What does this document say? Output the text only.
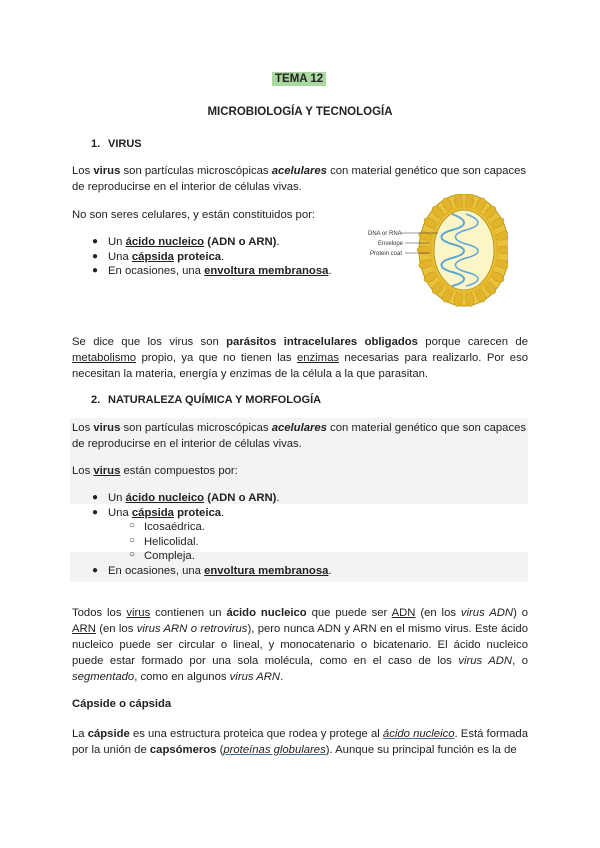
TEMA 12
MICROBIOLOGÍA Y TECNOLOGÍA
1. VIRUS
Los virus son partículas microscópicas acelulares con material genético que son capaces de reproducirse en el interior de células vivas.
No son seres celulares, y están constituidos por:
● Un ácido nucleico (ADN o ARN).
● Una cápsida proteica.
● En ocasiones, una envoltura membranosa.
DNA or RNA
Envelope
Protein coat
Se dice que los virus son parásitos intracelulares obligados porque carecen de metabolismo propio, ya que no tienen las enzimas necesarias para realizarlo. Por eso necesitan la materia, energía y enzimas de la célula a la que parasitan.
2. NATURALEZA QUÍMICA Y MORFOLOGÍA
Los virus son partículas microscópicas acelulares con material genético que son capaces de reproducirse en el interior de células vivas.
Los virus están compuestos por:
● Un ácido nucleico (ADN o ARN).
● Una cápsida proteica.
○ Icosaédrica.
○ Helicolidal.
○ Compleja.
● En ocasiones, una envoltura membranosa.
Todos los virus contienen un ácido nucleico que puede ser ADN (en los virus ADN) o ARN (en los virus ARN o retrovirus), pero nunca ADN y ARN en el mismo virus. Este ácido nucleico puede ser circular o lineal, y monocatenario o bicatenario. El ácido nucleico puede estar formado por una sola molécula, como en el caso de los virus ADN, o segmentado, como en algunos virus ARN.
Cápside o cápsida
La cápside es una estructura proteica que rodea y protege al ácido nucleico. Está formada por la unión de capsómeros (proteínas globulares). Aunque su principal función es la de
